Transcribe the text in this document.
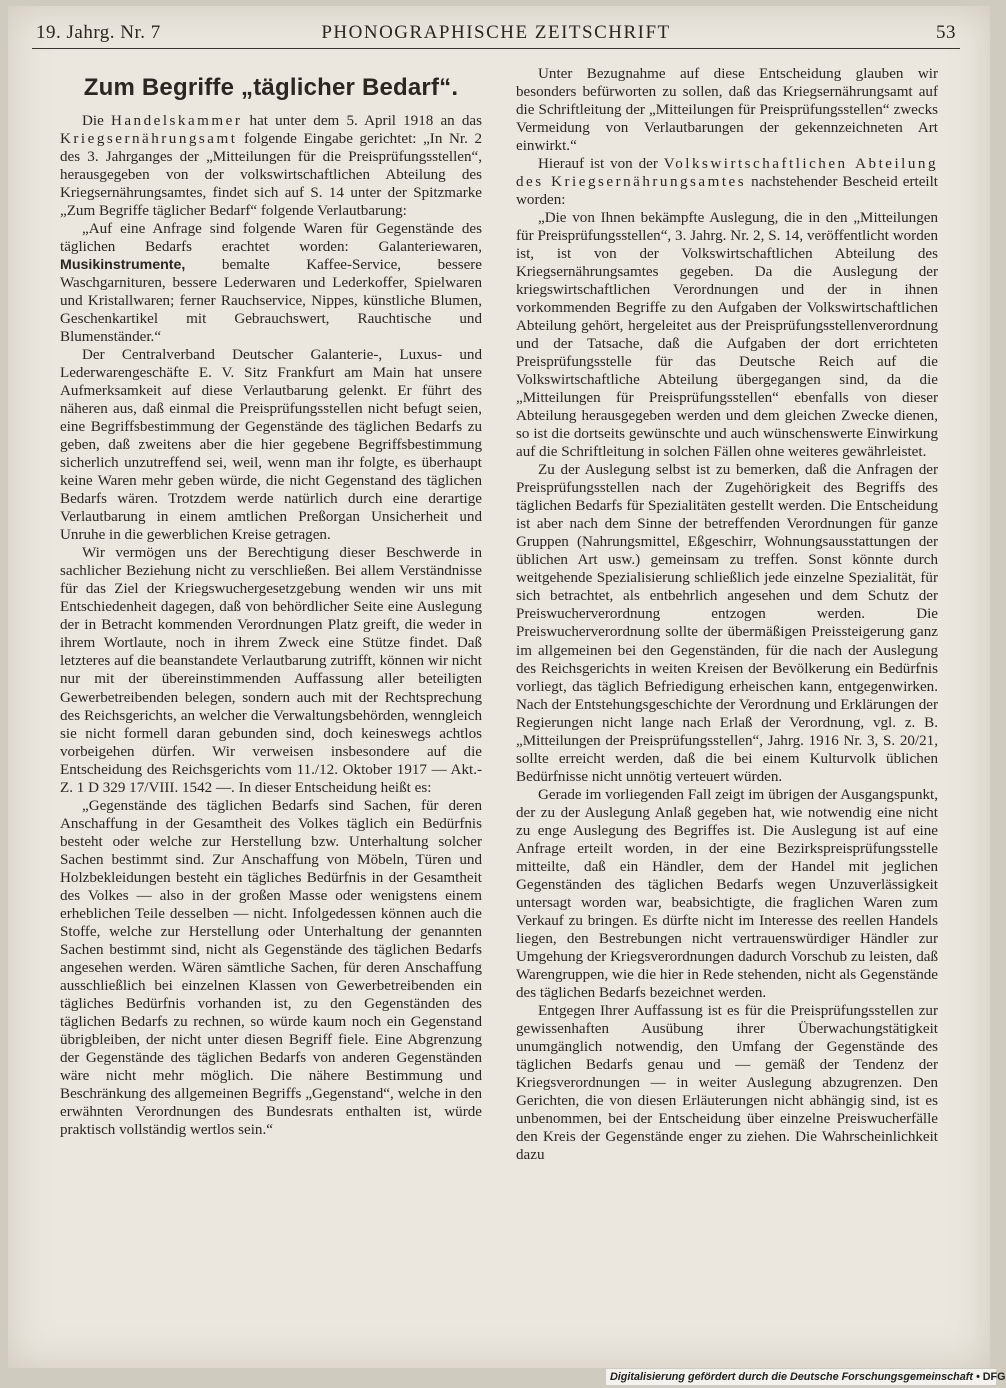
19. Jahrg. Nr. 7	PHONOGRAPHISCHE ZEITSCHRIFT	53
Zum Begriffe „täglicher Bedarf“.

Die Handelskammer hat unter dem 5. April 1918 an das Kriegsernährungsamt folgende Eingabe gerichtet: „In Nr. 2 des 3. Jahrganges der „Mitteilungen für die Preisprüfungsstellen“, herausgegeben von der volkswirtschaftlichen Abteilung des Kriegsernährungsamtes, findet sich auf S. 14 unter der Spitzmarke „Zum Begriffe täglicher Bedarf“ folgende Verlautbarung:

„Auf eine Anfrage sind folgende Waren für Gegenstände des täglichen Bedarfs erachtet worden: Galanteriewaren, Musikinstrumente, bemalte Kaffee-Service, bessere Waschgarnituren, bessere Lederwaren und Lederkoffer, Spielwaren und Kristallwaren; ferner Rauchservice, Nippes, künstliche Blumen, Geschenkartikel mit Gebrauchswert, Rauchtische und Blumenständer.“

Der Centralverband Deutscher Galanterie-, Luxus- und Lederwarengeschäfte E. V. Sitz Frankfurt am Main hat unsere Aufmerksamkeit auf diese Verlautbarung gelenkt. Er führt des näheren aus, daß einmal die Preisprüfungsstellen nicht befugt seien, eine Begriffsbestimmung der Gegenstände des täglichen Bedarfs zu geben, daß zweitens aber die hier gegebene Begriffsbestimmung sicherlich unzutreffend sei, weil, wenn man ihr folgte, es überhaupt keine Waren mehr geben würde, die nicht Gegenstand des täglichen Bedarfs wären. Trotzdem werde natürlich durch eine derartige Verlautbarung in einem amtlichen Preßorgan Unsicherheit und Unruhe in die gewerblichen Kreise getragen.

Wir vermögen uns der Berechtigung dieser Beschwerde in sachlicher Beziehung nicht zu verschließen. Bei allem Verständnisse für das Ziel der Kriegswuchergesetzgebung wenden wir uns mit Entschiedenheit dagegen, daß von behördlicher Seite eine Auslegung der in Betracht kommenden Verordnungen Platz greift, die weder in ihrem Wortlaute, noch in ihrem Zweck eine Stütze findet. Daß letzteres auf die beanstandete Verlautbarung zutrifft, können wir nicht nur mit der übereinstimmenden Auffassung aller beteiligten Gewerbetreibenden belegen, sondern auch mit der Rechtsprechung des Reichsgerichts, an welcher die Verwaltungsbehörden, wenngleich sie nicht formell daran gebunden sind, doch keineswegs achtlos vorbeigehen dürfen. Wir verweisen insbesondere auf die Entscheidung des Reichsgerichts vom 11./12. Oktober 1917 — Akt.-Z. 1 D 329 17/VIII. 1542 —. In dieser Entscheidung heißt es:

„Gegenstände des täglichen Bedarfs sind Sachen, für deren Anschaffung in der Gesamtheit des Volkes täglich ein Bedürfnis besteht oder welche zur Herstellung bzw. Unterhaltung solcher Sachen bestimmt sind. Zur Anschaffung von Möbeln, Türen und Holzbekleidungen besteht ein tägliches Bedürfnis in der Gesamtheit des Volkes — also in der großen Masse oder wenigstens einem erheblichen Teile desselben — nicht. Infolgedessen können auch die Stoffe, welche zur Herstellung oder Unterhaltung der genannten Sachen bestimmt sind, nicht als Gegenstände des täglichen Bedarfs angesehen werden. Wären sämtliche Sachen, für deren Anschaffung ausschließlich bei einzelnen Klassen von Gewerbetreibenden ein tägliches Bedürfnis vorhanden ist, zu den Gegenständen des täglichen Bedarfs zu rechnen, so würde kaum noch ein Gegenstand übrigbleiben, der nicht unter diesen Begriff fiele. Eine Abgrenzung der Gegenstände des täglichen Bedarfs von anderen Gegenständen wäre nicht mehr möglich. Die nähere Bestimmung und Beschränkung des allgemeinen Begriffs „Gegenstand“, welche in den erwähnten Verordnungen des Bundesrats enthalten ist, würde praktisch vollständig wertlos sein.“

Unter Bezugnahme auf diese Entscheidung glauben wir besonders befürworten zu sollen, daß das Kriegsernährungsamt auf die Schriftleitung der „Mitteilungen für Preisprüfungsstellen“ zwecks Vermeidung von Verlautbarungen der gekennzeichneten Art einwirkt.“

Hierauf ist von der Volkswirtschaftlichen Abteilung des Kriegsernährungsamtes nachstehender Bescheid erteilt worden:

„Die von Ihnen bekämpfte Auslegung, die in den „Mitteilungen für Preisprüfungsstellen“, 3. Jahrg. Nr. 2, S. 14, veröffentlicht worden ist, ist von der Volkswirtschaftlichen Abteilung des Kriegsernährungsamtes gegeben. Da die Auslegung der kriegswirtschaftlichen Verordnungen und der in ihnen vorkommenden Begriffe zu den Aufgaben der Volkswirtschaftlichen Abteilung gehört, hergeleitet aus der Preisprüfungsstellenverordnung und der Tatsache, daß die Aufgaben der dort errichteten Preisprüfungsstelle für das Deutsche Reich auf die Volkswirtschaftliche Abteilung übergegangen sind, da die „Mitteilungen für Preisprüfungsstellen“ ebenfalls von dieser Abteilung herausgegeben werden und dem gleichen Zwecke dienen, so ist die dortseits gewünschte und auch wünschenswerte Einwirkung auf die Schriftleitung in solchen Fällen ohne weiteres gewährleistet.

Zu der Auslegung selbst ist zu bemerken, daß die Anfragen der Preisprüfungsstellen nach der Zugehörigkeit des Begriffs des täglichen Bedarfs für Spezialitäten gestellt werden. Die Entscheidung ist aber nach dem Sinne der betreffenden Verordnungen für ganze Gruppen (Nahrungsmittel, Eßgeschirr, Wohnungsausstattungen der üblichen Art usw.) gemeinsam zu treffen. Sonst könnte durch weitgehende Spezialisierung schließlich jede einzelne Spezialität, für sich betrachtet, als entbehrlich angesehen und dem Schutz der Preiswucherverordnung entzogen werden. Die Preiswucherverordnung sollte der übermäßigen Preissteigerung ganz im allgemeinen bei den Gegenständen, für die nach der Auslegung des Reichsgerichts in weiten Kreisen der Bevölkerung ein Bedürfnis vorliegt, das täglich Befriedigung erheischen kann, entgegenwirken. Nach der Entstehungsgeschichte der Verordnung und Erklärungen der Regierungen nicht lange nach Erlaß der Verordnung, vgl. z. B. „Mitteilungen der Preisprüfungsstellen“, Jahrg. 1916 Nr. 3, S. 20/21, sollte erreicht werden, daß die bei einem Kulturvolk üblichen Bedürfnisse nicht unnötig verteuert würden.

Gerade im vorliegenden Fall zeigt im übrigen der Ausgangspunkt, der zu der Auslegung Anlaß gegeben hat, wie notwendig eine nicht zu enge Auslegung des Begriffes ist. Die Auslegung ist auf eine Anfrage erteilt worden, in der eine Bezirkspreisprüfungsstelle mitteilte, daß ein Händler, dem der Handel mit jeglichen Gegenständen des täglichen Bedarfs wegen Unzuverlässigkeit untersagt worden war, beabsichtigte, die fraglichen Waren zum Verkauf zu bringen. Es dürfte nicht im Interesse des reellen Handels liegen, den Bestrebungen nicht vertrauenswürdiger Händler zur Umgehung der Kriegsverordnungen dadurch Vorschub zu leisten, daß Warengruppen, wie die hier in Rede stehenden, nicht als Gegenstände des täglichen Bedarfs bezeichnet werden.

Entgegen Ihrer Auffassung ist es für die Preisprüfungsstellen zur gewissenhaften Ausübung ihrer Überwachungstätigkeit unumgänglich notwendig, den Umfang der Gegenstände des täglichen Bedarfs genau und — gemäß der Tendenz der Kriegsverordnungen — in weiter Auslegung abzugrenzen. Den Gerichten, die von diesen Erläuterungen nicht abhängig sind, ist es unbenommen, bei der Entscheidung über einzelne Preiswucherfälle den Kreis der Gegenstände enger zu ziehen. Die Wahrscheinlichkeit dazu

Digitalisierung gefördert durch die Deutsche Forschungsgemeinschaft • DFG
